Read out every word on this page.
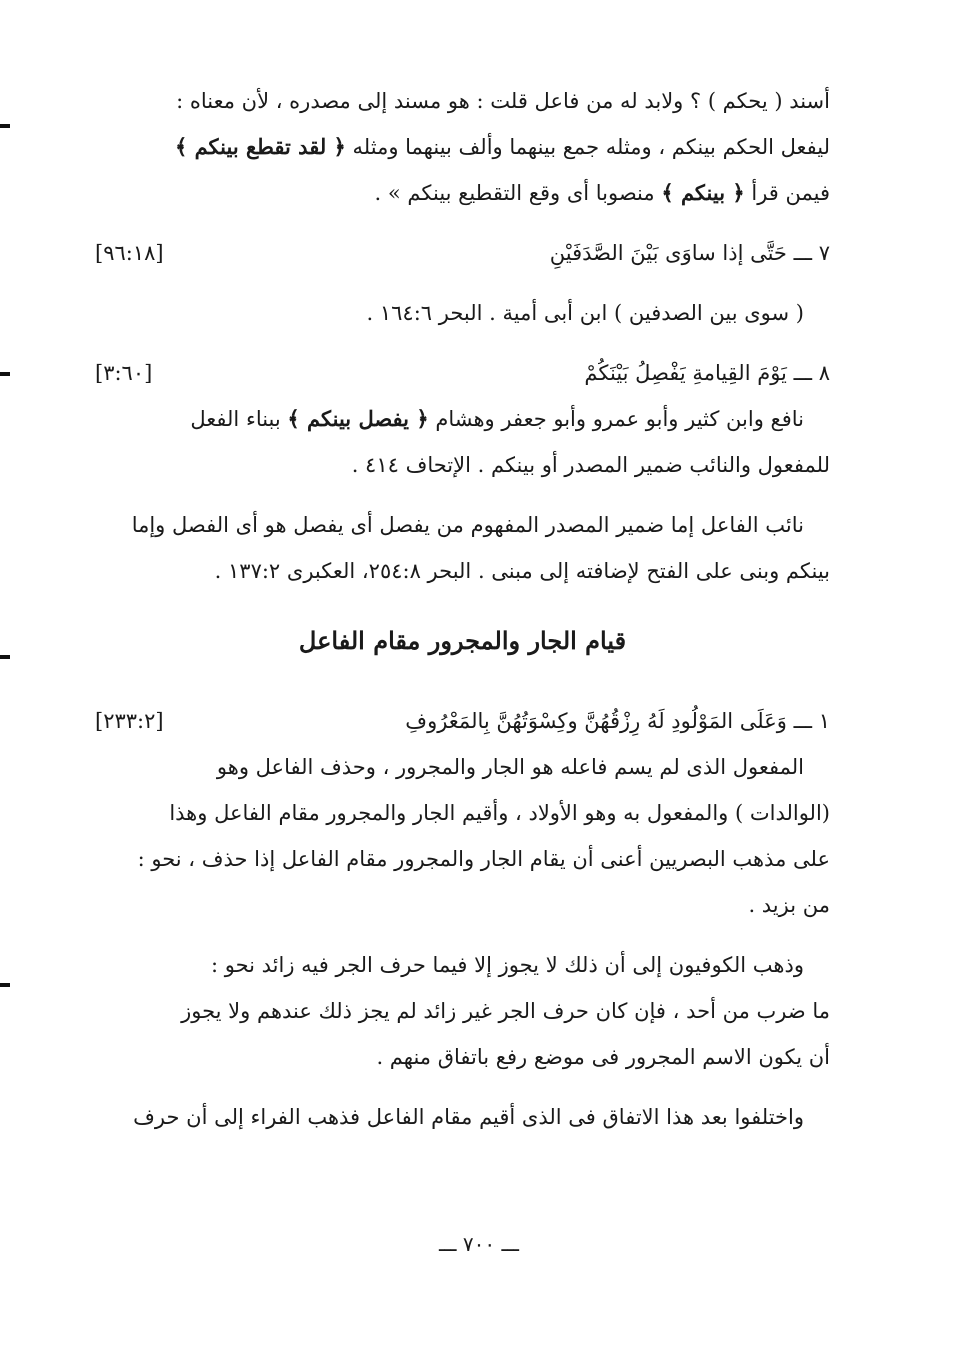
أسند ( يحكم ) ؟ ولابد له من فاعل قلت : هو مسند إلى مصدره ، لأن معناه :

ليفعل الحكم بينكم ، ومثله جمع بينهما وألف بينهما ومثله ﴿ لقد تقطع بينكم ﴾

فيمن قرأ ﴿ بينكم ﴾ منصوبا أى وقع التقطيع بينكم » .

٧ ـــ حَتَّى إذا ساوَى بَيْنَ الصَّدَفَيْنِ
[٩٦:١٨]

( سوى بين الصدفين ) ابن أبى أمية . البحر ١٦٤:٦ .

٨ ـــ يَوْمَ القِيامةِ يَفْصِلُ بَيْنَكُمْ
[٣:٦٠]

نافع وابن كثير وأبو عمرو وأبو جعفر وهشام ﴿ يفصل بينكم ﴾ ببناء الفعل

للمفعول والنائب ضمير المصدر أو بينكم . الإتحاف ٤١٤ .

نائب الفاعل إما ضمير المصدر المفهوم من يفصل أى يفصل هو أى الفصل وإما

بينكم وبنى على الفتح لإضافته إلى مبنى . البحر ٢٥٤:٨، العكبرى ١٣٧:٢ .

قيام الجار والمجرور مقام الفاعل
١ ـــ وَعَلَى المَوْلُودِ لَهُ رِزْقُهُنَّ وكِسْوَتُهُنَّ بِالمَعْرُوفِ
[٢٣٣:٢]

المفعول الذى لم يسم فاعله هو الجار والمجرور ، وحذف الفاعل وهو

(الوالدات ) والمفعول به وهو الأولاد ، وأقيم الجار والمجرور مقام الفاعل وهذا

على مذهب البصريين أعنى أن يقام الجار والمجرور مقام الفاعل إذا حذف ، نحو :

من بزيد .

وذهب الكوفيون إلى أن ذلك لا يجوز إلا فيما حرف الجر فيه زائد نحو :

ما ضرب من أحد ، فإن كان حرف الجر غير زائد لم يجز ذلك عندهم ولا يجوز

أن يكون الاسم المجرور فى موضع رفع باتفاق منهم .

واختلفوا بعد هذا الاتفاق فى الذى أقيم مقام الفاعل فذهب الفراء إلى أن حرف

ـــ ٧٠٠ ـــ
